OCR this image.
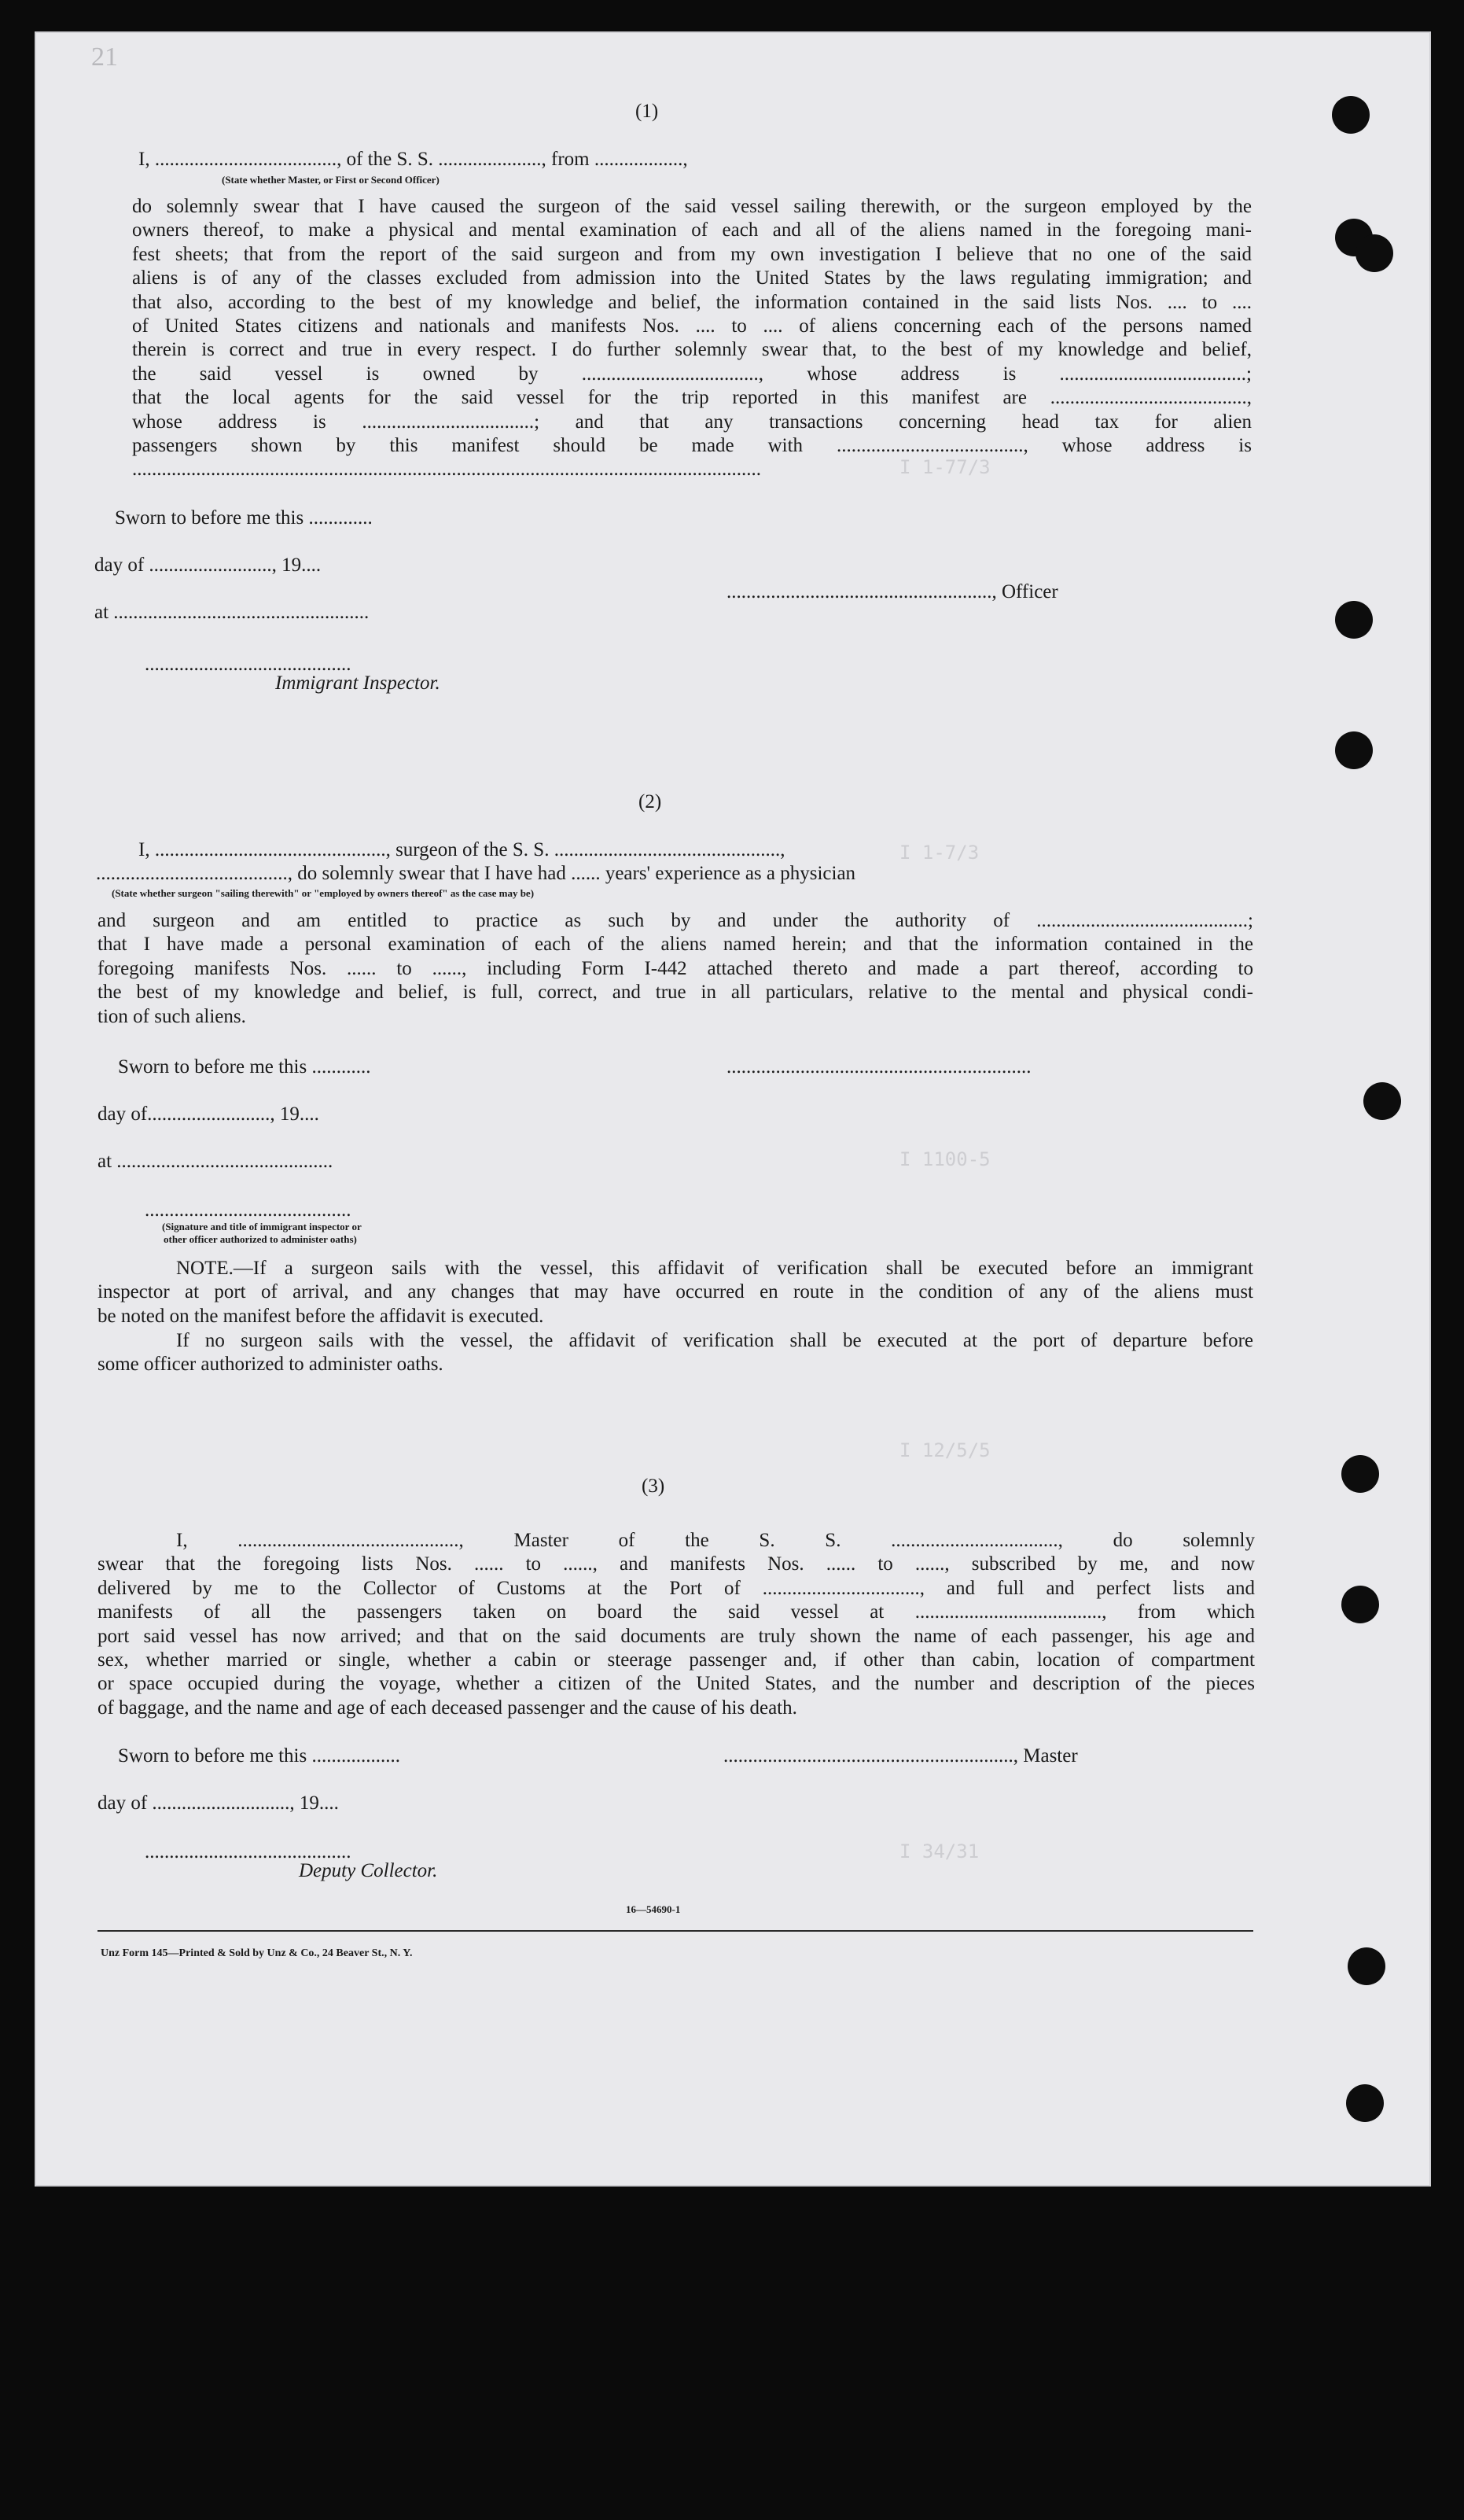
I 1-77/3
I 1-7/3
I 1100-5
I 12/5/5
I 34/31
21
(1)
I, ....................................., of the S. S. ....................., from ..................,
(State whether Master, or First or Second Officer)
do solemnly swear that I have caused the surgeon of the said vessel sailing therewith, or the surgeon employed by the
owners thereof, to make a physical and mental examination of each and all of the aliens named in the foregoing mani-
fest sheets; that from the report of the said surgeon and from my own investigation I believe that no one of the said
aliens is of any of the classes excluded from admission into the United States by the laws regulating immigration; and
that also, according to the best of my knowledge and belief, the information contained in the said lists Nos. .... to ....
of United States citizens and nationals and manifests Nos. .... to .... of aliens concerning each of the persons named
therein is correct and true in every respect. I do further solemnly swear that, to the best of my knowledge and belief,
the said vessel is owned by ...................................., whose address is ......................................;
that the local agents for the said vessel for the trip reported in this manifest are ........................................,
whose address is ...................................; and that any transactions concerning head tax for alien
passengers shown by this manifest should be made with ......................................, whose address is
................................................................................................................................
Sworn to before me this .............
day of ........................., 19....
......................................................, Officer
at ....................................................
..........................................
Immigrant Inspector.
(2)
I, ..............................................., surgeon of the S. S. ..............................................,
......................................., do solemnly swear that I have had ...... years' experience as a physician
(State whether surgeon "sailing therewith" or "employed by owners thereof" as the case may be)
and surgeon and am entitled to practice as such by and under the authority of ...........................................;
that I have made a personal examination of each of the aliens named herein; and that the information contained in the
foregoing manifests Nos. ...... to ......, including Form I-442 attached thereto and made a part thereof, according to
the best of my knowledge and belief, is full, correct, and true in all particulars, relative to the mental and physical condi-
tion of such aliens.
Sworn to before me this ............	..............................................................
day of........................., 19....
at ............................................
..........................................
(Signature and title of immigrant inspector or
other officer authorized to administer oaths)
NOTE.—If a surgeon sails with the vessel, this affidavit of verification shall be executed before an immigrant
inspector at port of arrival, and any changes that may have occurred en route in the condition of any of the aliens must
be noted on the manifest before the affidavit is executed.
If no surgeon sails with the vessel, the affidavit of verification shall be executed at the port of departure before
some officer authorized to administer oaths.
(3)
I, ............................................., Master of the S. S. .................................., do solemnly
swear that the foregoing lists Nos. ...... to ......, and manifests Nos. ...... to ......, subscribed by me, and now
delivered by me to the Collector of Customs at the Port of ................................, and full and perfect lists and
manifests of all the passengers taken on board the said vessel at ......................................, from which
port said vessel has now arrived; and that on the said documents are truly shown the name of each passenger, his age and
sex, whether married or single, whether a cabin or steerage passenger and, if other than cabin, location of compartment
or space occupied during the voyage, whether a citizen of the United States, and the number and description of the pieces
of baggage, and the name and age of each deceased passenger and the cause of his death.
Sworn to before me this ..................	..........................................................., Master
day of ............................, 19....
..........................................
Deputy Collector.
16—54690-1
Unz Form 145—Printed & Sold by Unz & Co., 24 Beaver St., N. Y.
